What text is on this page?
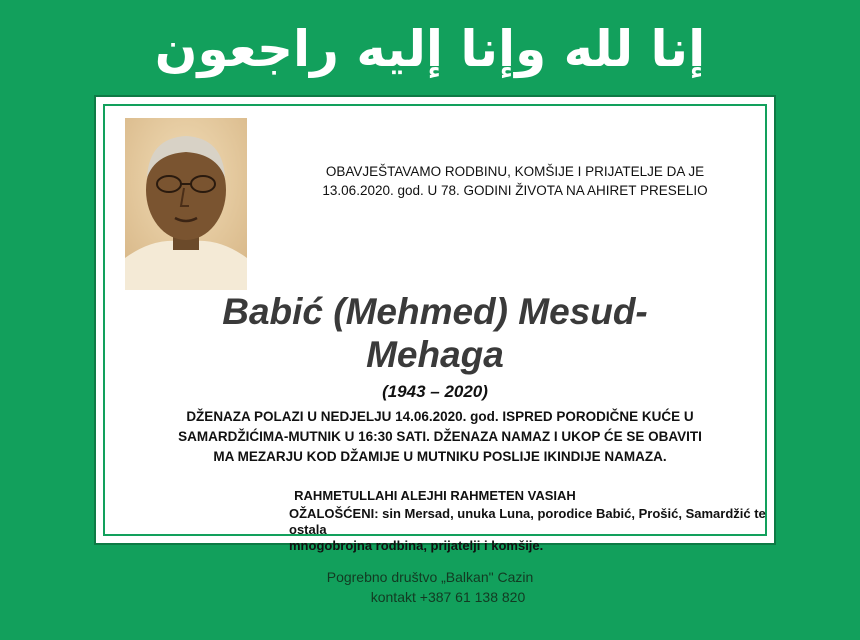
إنا لله وإنا إليه راجعون
OBAVJEŠTAVAMO RODBINU, KOMŠIJE I PRIJATELJE DA JE
13.06.2020. god. U 78. GODINI ŽIVOTA NA AHIRET PRESELIO
Babić (Mehmed) Mesud-
Mehaga
(1943 – 2020)
DŽENAZA POLAZI U NEDJELJU 14.06.2020. god. ISPRED PORODIČNE KUĆE U
SAMARDŽIĆIMA-MUTNIK U 16:30 SATI. DŽENAZA NAMAZ I UKOP ĆE SE OBAVITI
MA MEZARJU KOD DŽAMIJE U MUTNIKU POSLIJE IKINDIJE NAMAZA.
RAHMETULLAHI ALEJHI RAHMETEN VASIAH
OŽALOŠĆENI: sin Mersad, unuka Luna, porodice Babić, Prošić, Samardžić te ostala
mnogobrojna rodbina, prijatelji i komšije.
Pogrebno društvo „Balkan" Cazin
kontakt +387 61 138 820
